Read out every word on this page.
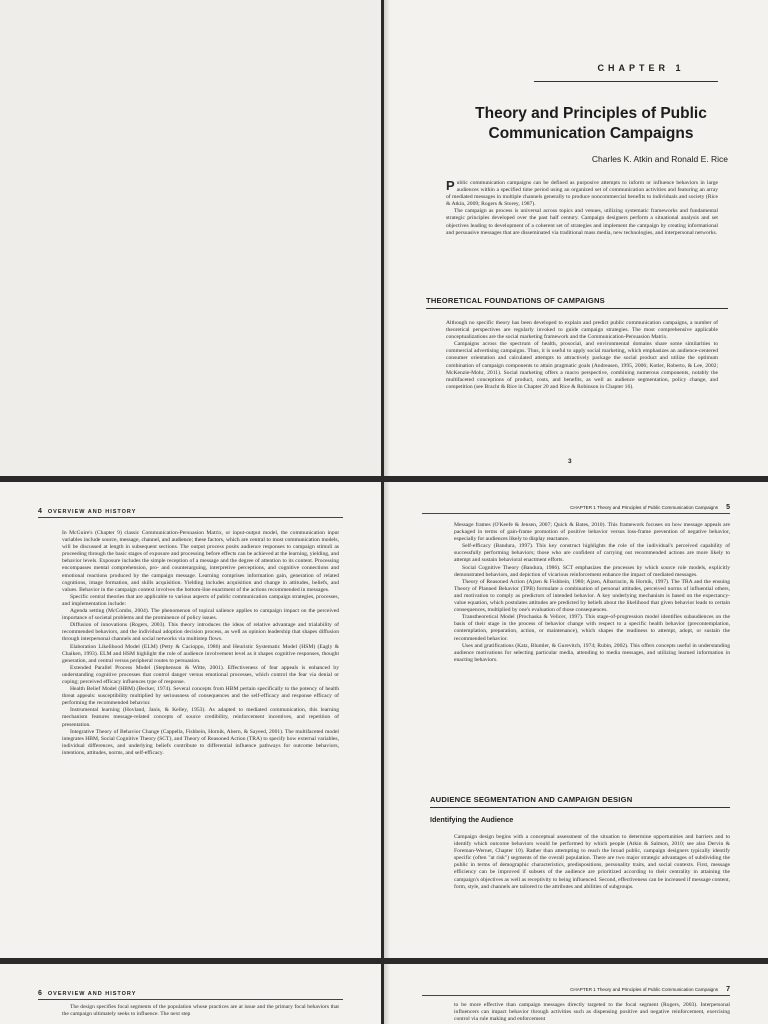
CHAPTER 1
Theory and Principles of Public
Communication Campaigns
Charles K. Atkin and Ronald E. Rice

Public communication campaigns can be defined as purposive attempts to inform or influence behaviors in large audiences within a specified time period using an organized set of communication activities and featuring an array of mediated messages in multiple channels generally to produce noncommercial benefits to individuals and society (Rice & Atkin, 2009; Rogers & Storey, 1987).

The campaign as process is universal across topics and venues, utilizing systematic frameworks and fundamental strategic principles developed over the past half century. Campaign designers perform a situational analysis and set objectives leading to development of a coherent set of strategies and implement the campaign by creating informational and persuasive messages that are disseminated via traditional mass media, new technologies, and interpersonal networks.

THEORETICAL FOUNDATIONS OF CAMPAIGNS

Although no specific theory has been developed to explain and predict public communication campaigns, a number of theoretical perspectives are regularly invoked to guide campaign strategies. The most comprehensive applicable conceptualizations are the social marketing framework and the Communication-Persuasion Matrix.

Campaigns across the spectrum of health, prosocial, and environmental domains share some similarities to commercial advertising campaigns. Thus, it is useful to apply social marketing, which emphasizes an audience-centered consumer orientation and calculated attempts to attractively package the social product and utilize the optimum combination of campaign components to attain pragmatic goals (Andreasen, 1995, 2006; Kotler, Roberto, & Lee, 2002; McKenzie-Mohr, 2011). Social marketing offers a macro perspective, combining numerous components, notably the multifaceted conceptions of product, costs, and benefits, as well as audience segmentation, policy change, and competition (see Bracht & Rice in Chapter 20 and Rice & Robinson in Chapter 16).

3
4 OVERVIEW AND HISTORY

In McGuire's (Chapter 9) classic Communication-Persuasion Matrix, or input-output model, the communication input variables include source, message, channel, and audience; these factors, which are central to most communication models, will be discussed at length in subsequent sections. The output process posits audience responses to campaign stimuli as proceeding through the basic stages of exposure and processing before effects can be achieved at the learning, yielding, and behavior levels. Exposure includes the simple reception of a message and the degree of attention to its content. Processing encompasses mental comprehension, pro- and counterarguing, interpretive perceptions, and cognitive connections and emotional reactions produced by the campaign message. Learning comprises information gain, generation of related cognitions, image formation, and skills acquisition. Yielding includes acquisition and change in attitudes, beliefs, and values. Behavior in the campaign context involves the bottom-line enactment of the actions recommended in messages.

Specific central theories that are applicable to various aspects of public communication campaign strategies, processes, and implementation include:

Agenda setting (McCombs, 2004). The phenomenon of topical salience applies to campaign impact on the perceived importance of societal problems and the prominence of policy issues.

Diffusion of innovations (Rogers, 2003). This theory introduces the ideas of relative advantage and trialability of recommended behaviors, and the individual adoption decision process, as well as opinion leadership that shapes diffusion through interpersonal channels and social networks via multistep flows.

Elaboration Likelihood Model (ELM) (Petty & Cacioppo, 1986) and Heuristic Systematic Model (HSM) (Eagly & Chaiken, 1993). ELM and HSM highlight the role of audience involvement level as it shapes cognitive responses, thought generation, and central versus peripheral routes to persuasion.

Extended Parallel Process Model (Stephenson & Witte, 2001). Effectiveness of fear appeals is enhanced by understanding cognitive processes that control danger versus emotional processes, which control the fear via denial or coping; perceived efficacy influences type of response.

Health Belief Model (HBM) (Becker, 1974). Several concepts from HBM pertain specifically to the potency of health threat appeals: susceptibility multiplied by seriousness of consequences and the self-efficacy and response efficacy of performing the recommended behavior.

Instrumental learning (Hovland, Janis, & Kelley, 1953). As adapted to mediated communication, this learning mechanism features message-related concepts of source credibility, reinforcement incentives, and repetition of presentation.

Integrative Theory of Behavior Change (Cappella, Fishbein, Hornik, Ahern, & Sayeed, 2001). The multifaceted model integrates HBM, Social Cognitive Theory (SCT), and Theory of Reasoned Action (TRA) to specify how external variables, individual differences, and underlying beliefs contribute to differential influence pathways for outcome behaviors, intentions, attitudes, norms, and self-efficacy.

CHAPTER 1 Theory and Principles of Public Communication Campaigns 5

Message frames (O'Keefe & Jensen, 2007; Quick & Bates, 2010). This framework focuses on how message appeals are packaged in terms of gain-frame promotion of positive behavior versus loss-frame prevention of negative behavior, especially for audiences likely to display reactance.

Self-efficacy (Bandura, 1997). This key construct highlights the role of the individual's perceived capability of successfully performing behaviors; those who are confident of carrying out recommended actions are more likely to attempt and sustain behavioral enactment efforts.

Social Cognitive Theory (Bandura, 1986). SCT emphasizes the processes by which source role models, explicitly demonstrated behaviors, and depiction of vicarious reinforcement enhance the impact of mediated messages.

Theory of Reasoned Action (Ajzen & Fishbein, 1980; Ajzen, Albarracin, & Hornik, 1997). The TRA and the ensuing Theory of Planned Behavior (TPB) formulate a combination of personal attitudes, perceived norms of influential others, and motivation to comply as predictors of intended behavior. A key underlying mechanism is based on the expectancy-value equation, which postulates attitudes are predicted by beliefs about the likelihood that given behavior leads to certain consequences, multiplied by one's evaluation of those consequences.

Transtheoretical Model (Prochaska & Velicer, 1997). This stage-of-progression model identifies subaudiences on the basis of their stage in the process of behavior change with respect to a specific health behavior (precontemplation, contemplation, preparation, action, or maintenance), which shapes the readiness to attempt, adopt, or sustain the recommended behavior.

Uses and gratifications (Katz, Blumler, & Gurevitch, 1974; Rubin, 2002). This offers concepts useful in understanding audience motivations for selecting particular media, attending to media messages, and utilizing learned information in enacting behaviors.

AUDIENCE SEGMENTATION AND CAMPAIGN DESIGN
Identifying the Audience

Campaign design begins with a conceptual assessment of the situation to determine opportunities and barriers and to identify which outcome behaviors would be performed by which people (Atkin & Salmon, 2010; see also Dervin & Foreman-Wernet, Chapter 10). Rather than attempting to reach the broad public, campaign designers typically identify specific (often "at risk") segments of the overall population. There are two major strategic advantages of subdividing the public in terms of demographic characteristics, predispositions, personality traits, and social contexts. First, message efficiency can be improved if subsets of the audience are prioritized according to their centrality in attaining the campaign's objectives as well as receptivity to being influenced. Second, effectiveness can be increased if message content, form, style, and channels are tailored to the attributes and abilities of subgroups.

6 OVERVIEW AND HISTORY
The design specifies focal segments of the population whose practices are at issue and the primary focal behaviors that the campaign ultimately seeks to influence. The next step
CHAPTER 1 Theory and Principles of Public Communication Campaigns 7
to be more effective than campaign messages directly targeted to the focal segment (Rogers, 2003). Interpersonal influencers can impact behavior through activities such as dispensing positive and negative reinforcement, exercising control via rule making and enforcement
